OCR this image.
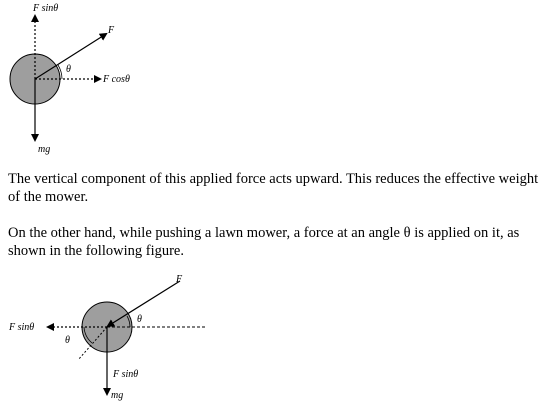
F sinθ
F
θ
F cosθ
mg

The vertical component of this applied force acts upward. This reduces the effective weight of the mower.

On the other hand, while pushing a lawn mower, a force at an angle θ is applied on it, as shown in the following figure.

F
θ
F sinθ
θ
F sinθ
mg
